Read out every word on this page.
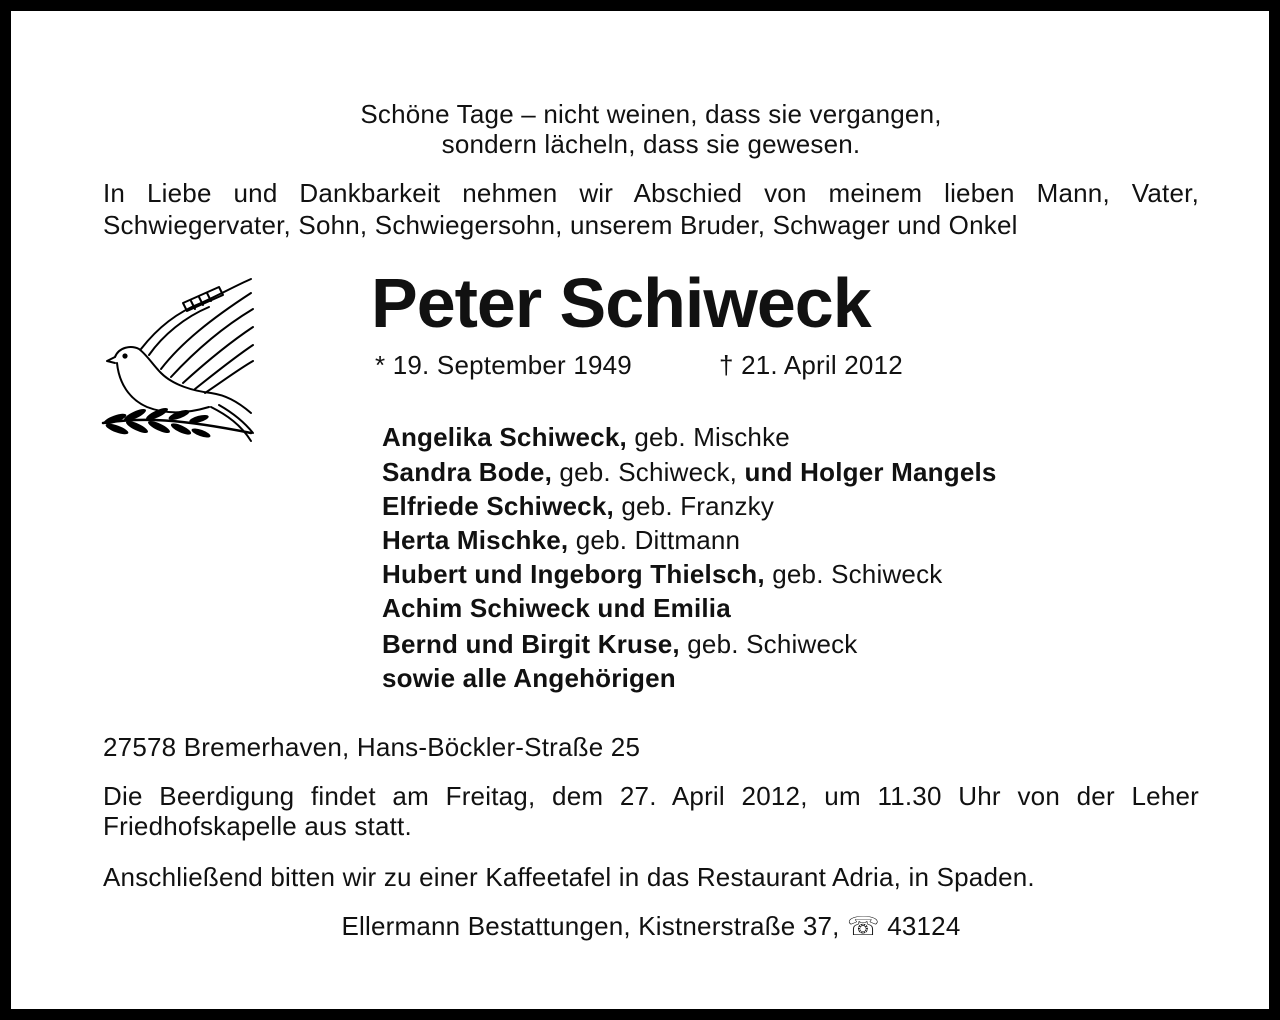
Schöne Tage – nicht weinen, dass sie vergangen,
sondern lächeln, dass sie gewesen.
In Liebe und Dankbarkeit nehmen wir Abschied von meinem lieben Mann, Vater,
Schwiegervater, Sohn, Schwiegersohn, unserem Bruder, Schwager und Onkel
Peter Schiweck
* 19. September 1949	† 21. April 2012
Angelika Schiweck, geb. Mischke
Sandra Bode, geb. Schiweck, und Holger Mangels
Elfriede Schiweck, geb. Franzky
Herta Mischke, geb. Dittmann
Hubert und Ingeborg Thielsch, geb. Schiweck
Achim Schiweck und Emilia
Bernd und Birgit Kruse, geb. Schiweck
sowie alle Angehörigen
27578 Bremerhaven, Hans-Böckler-Straße 25
Die Beerdigung findet am Freitag, dem 27. April 2012, um 11.30 Uhr von der Leher
Friedhofskapelle aus statt.
Anschließend bitten wir zu einer Kaffeetafel in das Restaurant Adria, in Spaden.
Ellermann Bestattungen, Kistnerstraße 37, ☏ 43124
